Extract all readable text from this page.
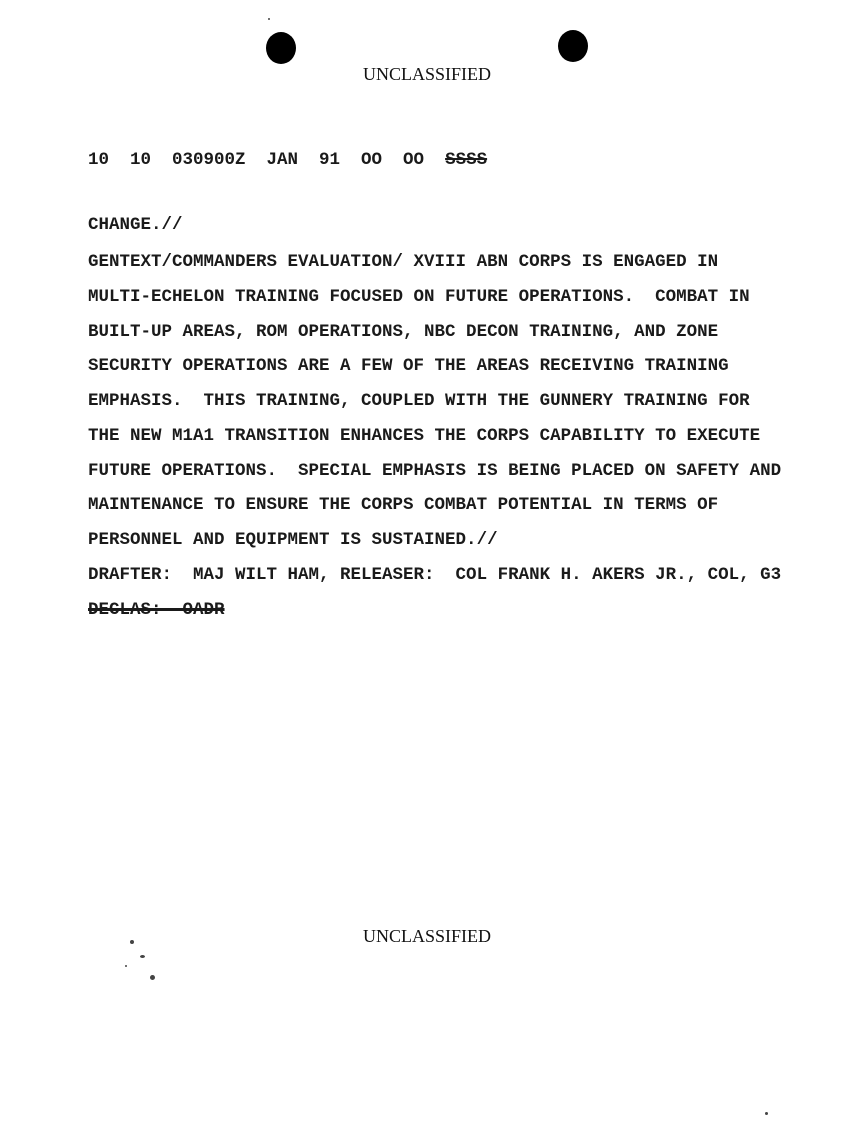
UNCLASSIFIED
10  10  030900Z  JAN  91  OO  OO SSSS
CHANGE.//
GENTEXT/COMMANDERS EVALUATION/ XVIII ABN CORPS IS ENGAGED IN
MULTI-ECHELON TRAINING FOCUSED ON FUTURE OPERATIONS.  COMBAT IN
BUILT-UP AREAS, ROM OPERATIONS, NBC DECON TRAINING, AND ZONE
SECURITY OPERATIONS ARE A FEW OF THE AREAS RECEIVING TRAINING
EMPHASIS.  THIS TRAINING, COUPLED WITH THE GUNNERY TRAINING FOR
THE NEW M1A1 TRANSITION ENHANCES THE CORPS CAPABILITY TO EXECUTE
FUTURE OPERATIONS.  SPECIAL EMPHASIS IS BEING PLACED ON SAFETY AND
MAINTENANCE TO ENSURE THE CORPS COMBAT POTENTIAL IN TERMS OF
PERSONNEL AND EQUIPMENT IS SUSTAINED.//
DRAFTER:  MAJ WILT HAM, RELEASER:  COL FRANK H. AKERS JR., COL, G3
DECLAS:  OADR
UNCLASSIFIED
